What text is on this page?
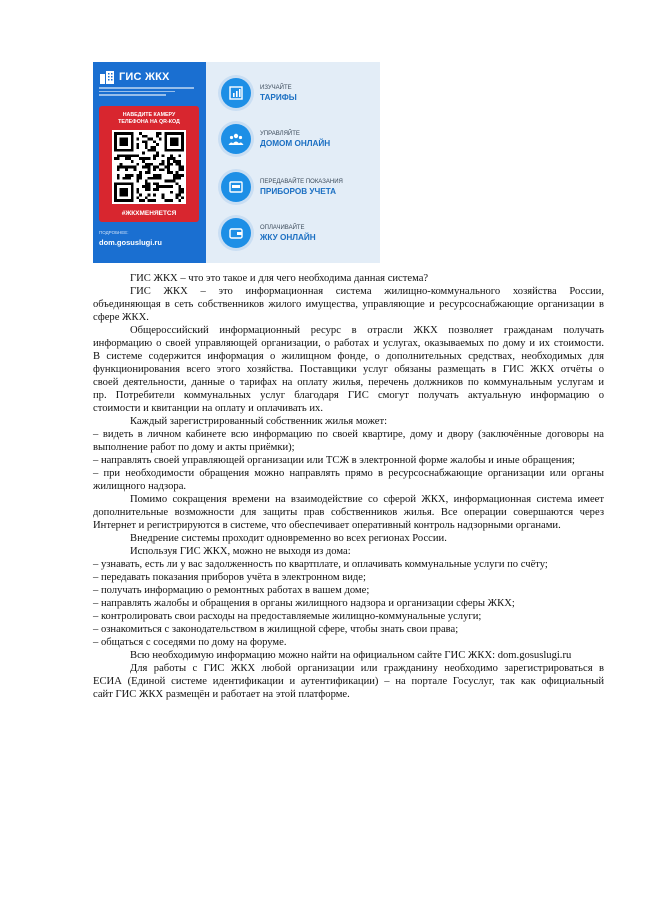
ГИС ЖКХ
НАВЕДИТЕ КАМЕРУ
ТЕЛЕФОНА НА QR-КОД
#ЖКХМЕНЯЕТСЯ
ПОДРОБНЕЕ:
dom.gosuslugi.ru
ИЗУЧАЙТЕ
ТАРИФЫ
УПРАВЛЯЙТЕ
ДОМОМ ОНЛАЙН
ПЕРЕДАВАЙТЕ ПОКАЗАНИЯ
ПРИБОРОВ УЧЕТА
ОПЛАЧИВАЙТЕ
ЖКУ ОНЛАЙН
ГИС ЖКХ – что это такое и для чего необходима данная система?
ГИС ЖКХ – это информационная система жилищно-коммунального хозяйства России,
объединяющая в сеть собственников жилого имущества, управляющие и ресурсоснабжающие организации в
сфере ЖКХ.
Общероссийский информационный ресурс в отрасли ЖКХ позволяет гражданам получать
информацию о своей управляющей организации, о работах и услугах, оказываемых по дому и их стоимости.
В системе содержится информация о жилищном фонде, о дополнительных средствах, необходимых для
функционирования всего этого хозяйства. Поставщики услуг обязаны размещать в ГИС ЖКХ отчёты о
своей деятельности, данные о тарифах на оплату жилья, перечень должников по коммунальным услугам и
пр. Потребители коммунальных услуг благодаря ГИС смогут получать актуальную информацию о
стоимости и квитанции на оплату и оплачивать их.
Каждый зарегистрированный собственник жилья может:
– видеть в личном кабинете всю информацию по своей квартире, дому и двору (заключённые договоры на
выполнение работ по дому и акты приёмки);
– направлять своей управляющей организации или ТСЖ в электронной форме жалобы и иные обращения;
– при необходимости обращения можно направлять прямо в ресурсоснабжающие организации или органы
жилищного надзора.
Помимо сокращения времени на взаимодействие со сферой ЖКХ, информационная система имеет
дополнительные возможности для защиты прав собственников жилья. Все операции совершаются через
Интернет и регистрируются в системе, что обеспечивает оперативный контроль надзорными органами.
Внедрение системы проходит одновременно во всех регионах России.
Используя ГИС ЖКХ, можно не выходя из дома:
– узнавать, есть ли у вас задолженность по квартплате, и оплачивать коммунальные услуги по счёту;
– передавать показания приборов учёта в электронном виде;
– получать информацию о ремонтных работах в вашем доме;
– направлять жалобы и обращения в органы жилищного надзора и организации сферы ЖКХ;
– контролировать свои расходы на предоставляемые жилищно-коммунальные услуги;
– ознакомиться с законодательством в жилищной сфере, чтобы знать свои права;
– общаться с соседями по дому на форуме.
Всю необходимую информацию можно найти на официальном сайте ГИС ЖКХ: dom.gosuslugi.ru
Для работы с ГИС ЖКХ любой организации или гражданину необходимо зарегистрироваться в
ЕСИА (Единой системе идентификации и аутентификации) – на портале Госуслуг, так как официальный
сайт ГИС ЖКХ размещён и работает на этой платформе.
